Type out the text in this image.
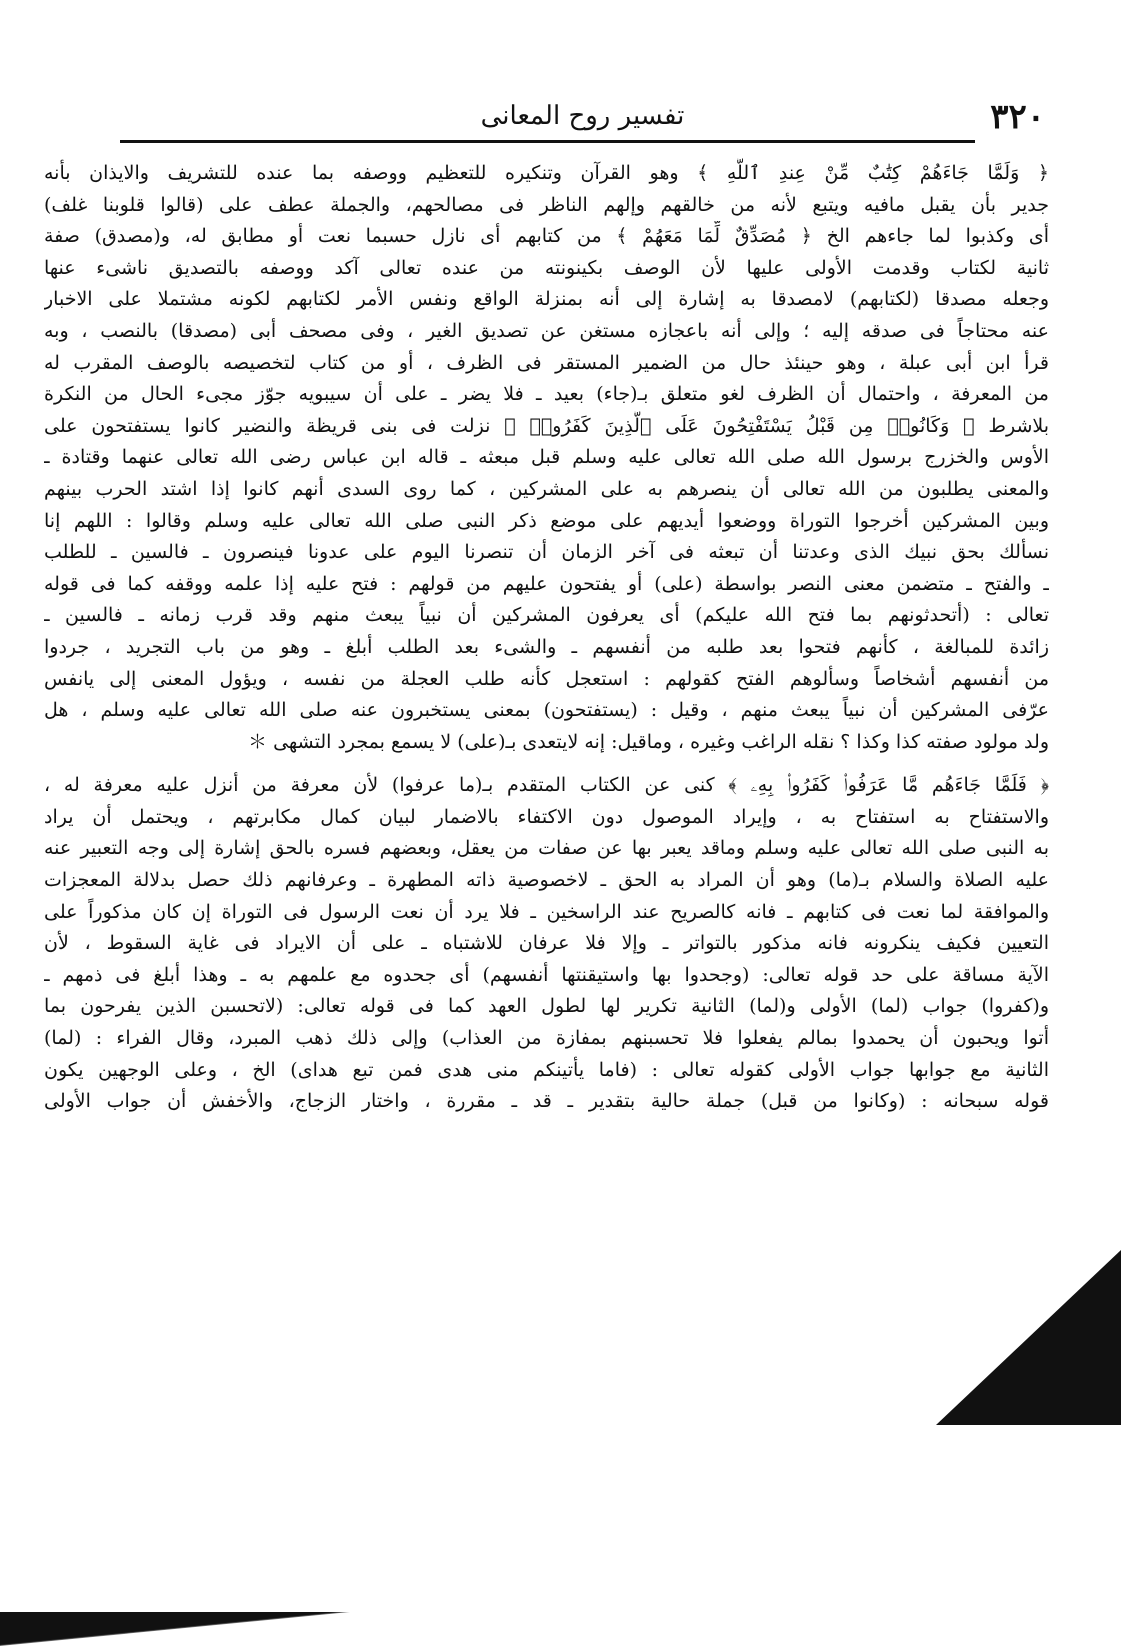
تفسير روح المعانى	٣٢٠
﴿ وَلَمَّا جَاءَهُمْ كِتَٰبٌ مِّنْ عِندِ ٱللَّهِ ﴾ وهو القرآن وتنكيره للتعظيم ووصفه بما عنده للتشريف والايذان بأنه
جدير بأن يقبل مافيه ويتبع لأنه من خالقهم وإلهم الناظر فى مصالحهم، والجملة عطف على (قالوا قلوبنا غلف)
أى وكذبوا لما جاءهم الخ ﴿ مُصَدِّقٌ لِّمَا مَعَهُمْ ﴾ من كتابهم أى نازل حسبما نعت أو مطابق له، و(مصدق) صفة
ثانية لكتاب وقدمت الأولى عليها لأن الوصف بكينونته من عنده تعالى آكد ووصفه بالتصديق ناشىء عنها
وجعله مصدقا (لكتابهم) لامصدقا به إشارة إلى أنه بمنزلة الواقع ونفس الأمر لكتابهم لكونه مشتملا على الاخبار
عنه محتاجاً فى صدقه إليه ؛ وإلى أنه باعجازه مستغن عن تصديق الغير ، وفى مصحف أبى (مصدقا) بالنصب ، وبه
قرأ ابن أبى عبلة ، وهو حينئذ حال من الضمير المستقر فى الظرف ، أو من كتاب لتخصيصه بالوصف المقرب له
من المعرفة ، واحتمال أن الظرف لغو متعلق بـ(جاء) بعيد ـ فلا يضر ـ على أن سيبويه جوّز مجىء الحال من النكرة
بلاشرط ﴿ وَكَانُوا۟ مِن قَبْلُ يَسْتَفْتِحُونَ عَلَى ٱلَّذِينَ كَفَرُوا۟ ﴾ نزلت فى بنى قريظة والنضير كانوا يستفتحون على
الأوس والخزرج برسول الله صلى الله تعالى عليه وسلم قبل مبعثه ـ قاله ابن عباس رضى الله تعالى عنهما وقتادة ـ
والمعنى يطلبون من الله تعالى أن ينصرهم به على المشركين ، كما روى السدى أنهم كانوا إذا اشتد الحرب بينهم
وبين المشركين أخرجوا التوراة ووضعوا أيديهم على موضع ذكر النبى صلى الله تعالى عليه وسلم وقالوا : اللهم إنا
نسألك بحق نبيك الذى وعدتنا أن تبعثه فى آخر الزمان أن تنصرنا اليوم على عدونا فينصرون ـ فالسين ـ للطلب
ـ والفتح ـ متضمن معنى النصر بواسطة (على) أو يفتحون عليهم من قولهم : فتح عليه إذا علمه ووقفه كما فى قوله
تعالى : (أتحدثونهم بما فتح الله عليكم) أى يعرفون المشركين أن نبياً يبعث منهم وقد قرب زمانه ـ فالسين ـ
زائدة للمبالغة ، كأنهم فتحوا بعد طلبه من أنفسهم ـ والشىء بعد الطلب أبلغ ـ وهو من باب التجريد ، جردوا
من أنفسهم أشخاصاً وسألوهم الفتح كقولهم : استعجل كأنه طلب العجلة من نفسه ، ويؤول المعنى إلى يانفس
عرّفى المشركين أن نبياً يبعث منهم ، وقيل : (يستفتحون) بمعنى يستخبرون عنه صلى الله تعالى عليه وسلم ، هل
ولد مولود صفته كذا وكذا ؟ نقله الراغب وغيره ، وماقيل: إنه لايتعدى بـ(على) لا يسمع بمجرد التشهى ＊
﴿ فَلَمَّا جَاءَهُم مَّا عَرَفُوا۟ كَفَرُوا۟ بِهِۦ ﴾ كنى عن الكتاب المتقدم بـ(ما عرفوا) لأن معرفة من أنزل عليه معرفة له ،
والاستفتاح به استفتاح به ، وإيراد الموصول دون الاكتفاء بالاضمار لبيان كمال مكابرتهم ، ويحتمل أن يراد
به النبى صلى الله تعالى عليه وسلم وماقد يعبر بها عن صفات من يعقل، وبعضهم فسره بالحق إشارة إلى وجه التعبير عنه
عليه الصلاة والسلام بـ(ما) وهو أن المراد به الحق ـ لاخصوصية ذاته المطهرة ـ وعرفانهم ذلك حصل بدلالة المعجزات
والموافقة لما نعت فى كتابهم ـ فانه كالصريح عند الراسخين ـ فلا يرد أن نعت الرسول فى التوراة إن كان مذكوراً على
التعيين فكيف ينكرونه فانه مذكور بالتواتر ـ وإلا فلا عرفان للاشتباه ـ على أن الايراد فى غاية السقوط ، لأن
الآية مساقة على حد قوله تعالى: (وجحدوا بها واستيقنتها أنفسهم) أى جحدوه مع علمهم به ـ وهذا أبلغ فى ذمهم ـ
و(كفروا) جواب (لما) الأولى و(لما) الثانية تكرير لها لطول العهد كما فى قوله تعالى: (لاتحسبن الذين يفرحون بما
أتوا ويحبون أن يحمدوا بمالم يفعلوا فلا تحسبنهم بمفازة من العذاب) وإلى ذلك ذهب المبرد، وقال الفراء : (لما)
الثانية مع جوابها جواب الأولى كقوله تعالى : (فاما يأتينكم منى هدى فمن تبع هداى) الخ ، وعلى الوجهين يكون
قوله سبحانه : (وكانوا من قبل) جملة حالية بتقدير ـ قد ـ مقررة ، واختار الزجاج، والأخفش أن جواب الأولى
